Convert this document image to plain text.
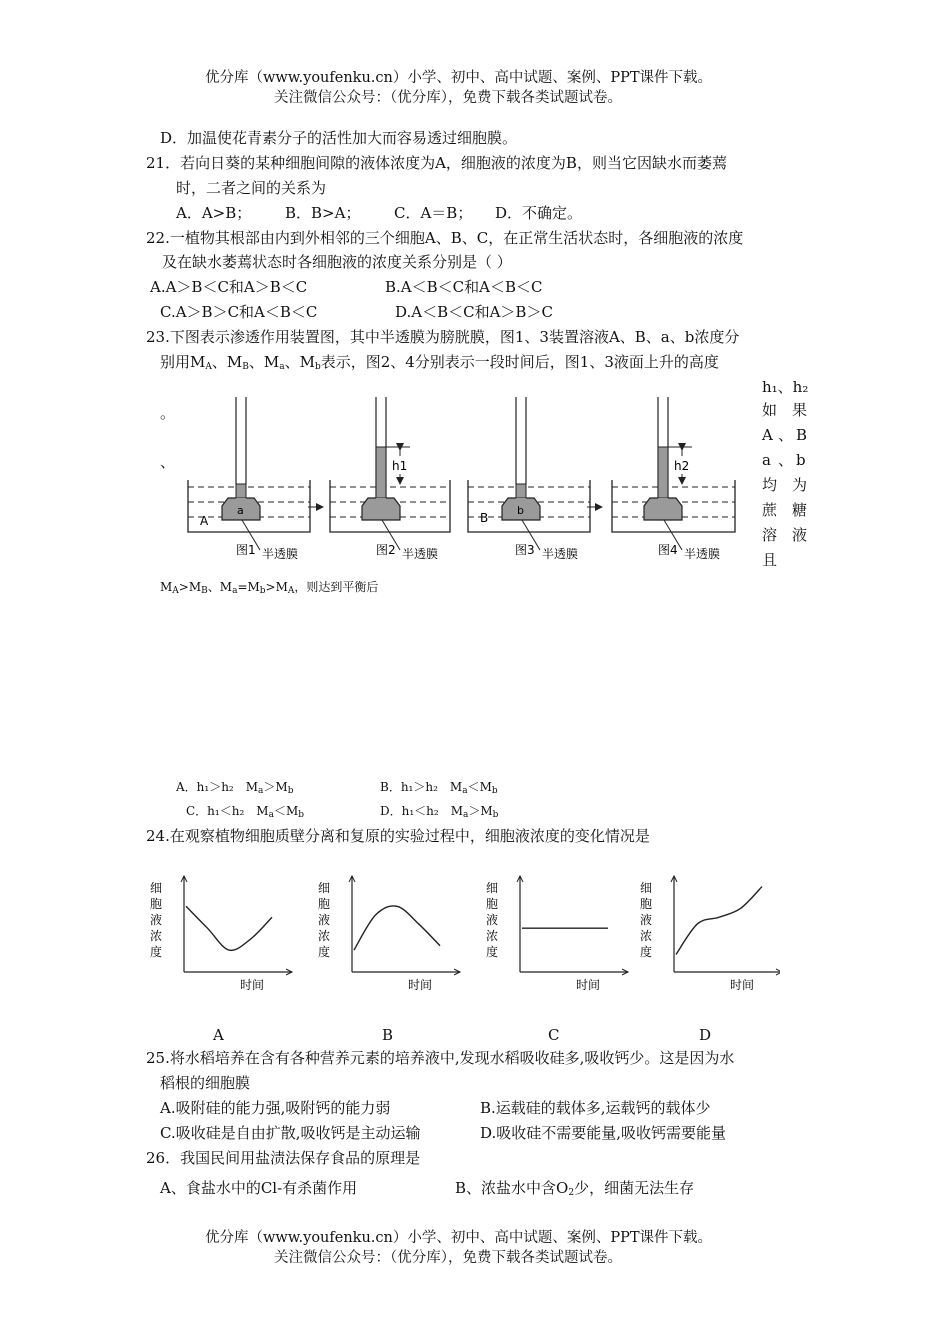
优分库（www.youfenku.cn）小学、初中、高中试题、案例、PPT课件下载。
关注微信公众号：（优分库），免费下载各类试题试卷。
D．加温使花青素分子的活性加大而容易透过细胞膜。
21．若向日葵的某种细胞间隙的液体浓度为A，细胞液的浓度为B，则当它因缺水而萎蔫
时，二者之间的关系为
A．A>B； B．B>A； C．A＝B； D．不确定。
22.一植物其根部由内到外相邻的三个细胞A、B、C，在正常生活状态时，各细胞液的浓度
及在缺水萎蔫状态时各细胞液的浓度关系分别是（ ）
A.A＞B＜C和A＞B＜C	B.A＜B＜C和A＜B＜C
C.A＞B＞C和A＜B＜C	D.A＜B＜C和A＞B＞C
23.下图表示渗透作用装置图，其中半透膜为膀胱膜，图1、3装置溶液A、B、a、b浓度分
别用$M_A$、$M_B$、$M_a$、$M_b$表示，图2、4分别表示一段时间后，图1、3液面上升的高度
h₁、h₂
。
、
如 果
A 、 B
a 、 b
均 为
蔗 糖
溶 液
且
a
A
图1 半透膜
h1
图2 半透膜
b
B
图3 半透膜
h2
图4 半透膜
$M_A>M_B$、$M_a=M_b>M_A$，则达到平衡后
A．h₁＞h₂　$M_a>M_b$	B．h₁＞h₂　$M_a<M_b$
C．h₁＜h₂　$M_a<M_b$	D．h₁＜h₂　$M_a>M_b$
24.在观察植物细胞质壁分离和复原的实验过程中，细胞液浓度的变化情况是
细
胞
液
浓
度
时间
细
胞
液
浓
度
时间
细
胞
液
浓
度
时间
细
胞
液
浓
度
时间
A	B	C	D
25.将水稻培养在含有各种营养元素的培养液中,发现水稻吸收硅多,吸收钙少。这是因为水
稻根的细胞膜
A.吸附硅的能力强,吸附钙的能力弱	B.运载硅的载体多,运载钙的载体少
C.吸收硅是自由扩散,吸收钙是主动运输	D.吸收硅不需要能量,吸收钙需要能量
26．我国民间用盐渍法保存食品的原理是
A、食盐水中的Cl-有杀菌作用	B、浓盐水中含$O_2$少，细菌无法生存
优分库（www.youfenku.cn）小学、初中、高中试题、案例、PPT课件下载。
关注微信公众号：（优分库），免费下载各类试题试卷。
